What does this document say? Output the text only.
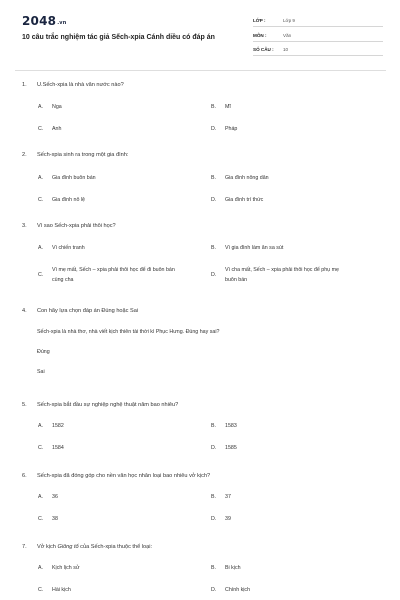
$2048^{.vn}$
10 câu trắc nghiệm tác giả Sếch-xpia Cánh diều có đáp án
LỚP :	Lớp 9
MÔN :	Văn
SỐ CÂU : 10
1. U.Sếch-xpia là nhà văn nước nào?
A. Nga	B. Mĩ
C. Anh	D. Pháp
2. Sếch-xpia sinh ra trong một gia đình:
A. Gia đình buôn bán	B. Gia đình nông dân
C. Gia đình nô lệ	D. Gia đình trí thức
3. Vì sao Sếch-xpia phải thôi học?
A. Vì chiến tranh	B. Vì gia đình làm ăn sa sút
C.
Vì mẹ mất, Sếch – xpia phải thôi học để đi buôn bán cùng cha
D.
Vì cha mất, Sếch – xpia phải thôi học để phụ mẹ buôn bán
4. Con hãy lựa chọn đáp án Đúng hoặc Sai
Sếch-xpia là nhà thơ, nhà viết kịch thiên tài thời kì Phục Hưng. Đúng hay sai?
Đúng
Sai
5. Sếch-xpia bắt đầu sự nghiệp nghệ thuật năm bao nhiêu?
A. 1582	B. 1583
C. 1584	D. 1585
6. Sếch-xpia đã đóng góp cho nền văn học nhân loại bao nhiêu vở kịch?
A. 36	B. 37
C. 38	D. 39
7. Vở kịch Giông tố của Sếch-xpia thuộc thể loại:
A. Kịch lịch sử	B. Bi kịch
C. Hài kịch	D. Chính kịch
